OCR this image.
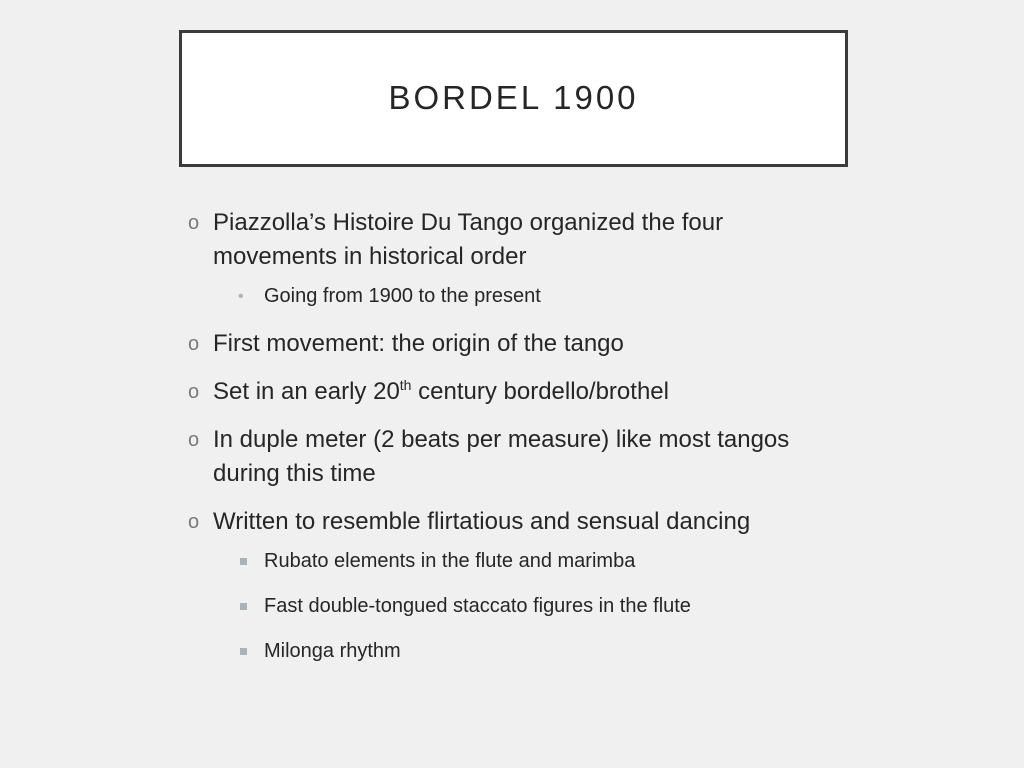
BORDEL 1900
o Piazzolla’s Histoire Du Tango organized the four movements in historical order
• Going from 1900 to the present
o First movement: the origin of the tango
o Set in an early 20th century bordello/brothel
o In duple meter (2 beats per measure) like most tangos during this time
o Written to resemble flirtatious and sensual dancing
Rubato elements in the flute and marimba
Fast double-tongued staccato figures in the flute
Milonga rhythm
